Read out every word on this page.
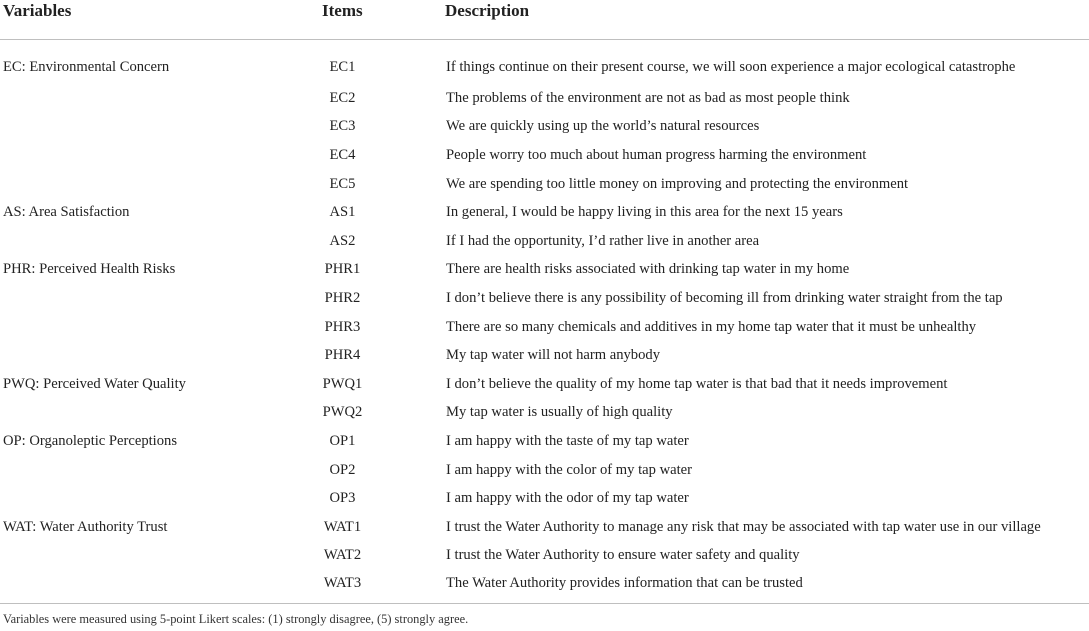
Variables	Items	Description
EC: Environmental Concern	EC1	If things continue on their present course, we will soon experience a major ecological catastrophe
	EC2	The problems of the environment are not as bad as most people think
	EC3	We are quickly using up the world’s natural resources
	EC4	People worry too much about human progress harming the environment
	EC5	We are spending too little money on improving and protecting the environment
AS: Area Satisfaction	AS1	In general, I would be happy living in this area for the next 15 years
	AS2	If I had the opportunity, I’d rather live in another area
PHR: Perceived Health Risks	PHR1	There are health risks associated with drinking tap water in my home
	PHR2	I don’t believe there is any possibility of becoming ill from drinking water straight from the tap
	PHR3	There are so many chemicals and additives in my home tap water that it must be unhealthy
	PHR4	My tap water will not harm anybody
PWQ: Perceived Water Quality	PWQ1	I don’t believe the quality of my home tap water is that bad that it needs improvement
	PWQ2	My tap water is usually of high quality
OP: Organoleptic Perceptions	OP1	I am happy with the taste of my tap water
	OP2	I am happy with the color of my tap water
	OP3	I am happy with the odor of my tap water
WAT: Water Authority Trust	WAT1	I trust the Water Authority to manage any risk that may be associated with tap water use in our village
	WAT2	I trust the Water Authority to ensure water safety and quality
	WAT3	The Water Authority provides information that can be trusted
Variables were measured using 5-point Likert scales: (1) strongly disagree, (5) strongly agree.
